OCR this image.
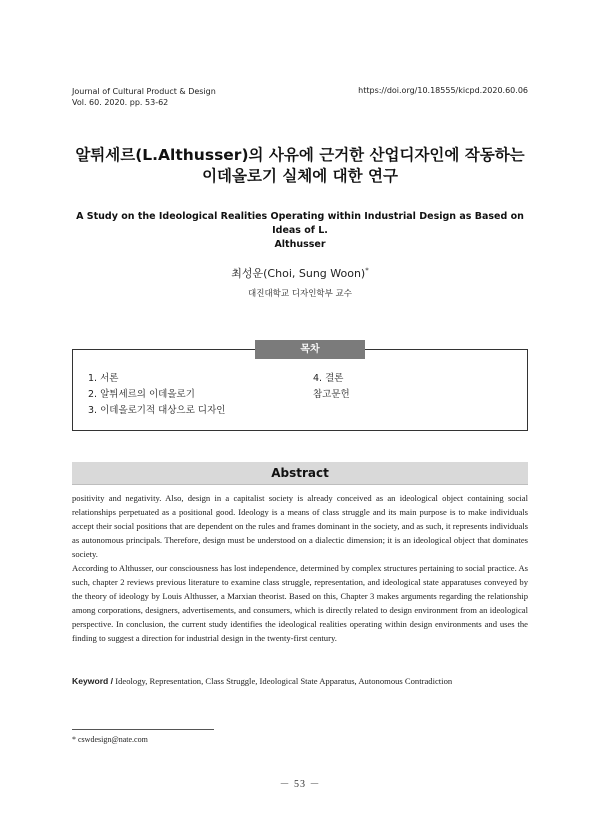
Journal of Cultural Product & Design
Vol. 60. 2020. pp. 53-62
https://doi.org/10.18555/kicpd.2020.60.06
알튀세르(L.Althusser)의 사유에 근거한 산업디자인에 작동하는
이데올로기 실체에 대한 연구
A Study on the Ideological Realities Operating within Industrial Design as Based on Ideas of L.
Althusser
최성운(Choi, Sung Woon)*
대진대학교 디자인학부 교수
목차
1. 서론
2. 알튀세르의 이데올로기
3. 이데올로기적 대상으로 디자인
4. 결론
참고문헌
Abstract

positivity and negativity. Also, design in a capitalist society is already conceived as an ideological object containing social relationships perpetuated as a positional good. Ideology is a means of class struggle and its main purpose is to make individuals accept their social positions that are dependent on the rules and frames dominant in the society, and as such, it represents individuals as autonomous principals. Therefore, design must be understood on a dialectic dimension; it is an ideological object that dominates society.

According to Althusser, our consciousness has lost independence, determined by complex structures pertaining to social practice. As such, chapter 2 reviews previous literature to examine class struggle, representation, and ideological state apparatuses conveyed by the theory of ideology by Louis Althusser, a Marxian theorist. Based on this, Chapter 3 makes arguments regarding the relationship among corporations, designers, advertisements, and consumers, which is directly related to design environment from an ideological perspective. In conclusion, the current study identifies the ideological realities operating within design environments and uses the finding to suggest a direction for industrial design in the twenty-first century.

Keyword / Ideology, Representation, Class Struggle, Ideological State Apparatus, Autonomous Contradiction
* cswdesign@nate.com
－ 53 －
